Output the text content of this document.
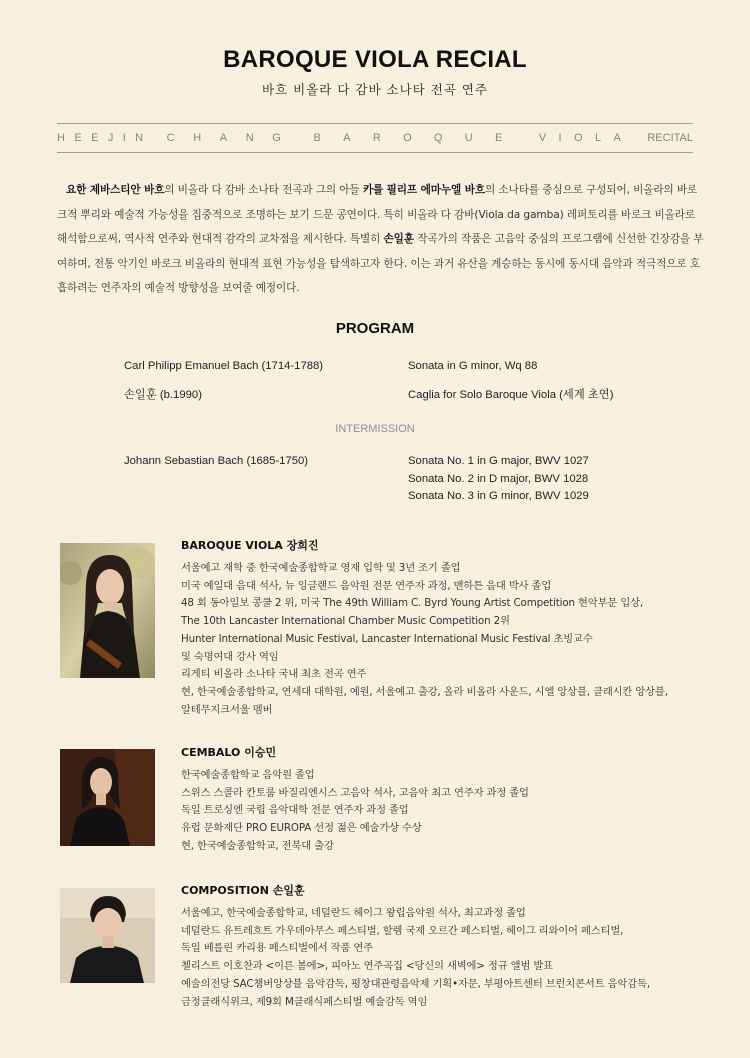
BAROQUE VIOLA RECIAL
바흐 비올라 다 감바 소나타 전곡 연주
HEEJIN CHANG BAROQUE VIOLA RECITAL
요한 제바스티안 바흐의 비올라 다 감바 소나타 전곡과 그의 아들 카를 필리프 에마누엘 바흐의 소나타를 중심으로 구성되어, 비올라의 바로크적 뿌리와 예술적 가능성을 집중적으로 조명하는 보기 드문 공연이다. 특히 비올라 다 감바(Viola da gamba) 레퍼토리를 바로크 비올라로 해석함으로써, 역사적 연주와 현대적 감각의 교차점을 제시한다. 특별히 손일훈 작곡가의 작품은 고음악 중심의 프로그램에 신선한 긴장감을 부여하며, 전통 악기인 바로크 비올라의 현대적 표현 가능성을 탐색하고자 한다. 이는 과거 유산을 계승하는 동시에 동시대 음악과 적극적으로 호흡하려는 연주자의 예술적 방향성을 보여줄 예정이다.
PROGRAM
Carl Philipp Emanuel Bach (1714-1788)	Sonata in G minor, Wq 88
손일훈 (b.1990)	Caglia for Solo Baroque Viola (세계 초연)
INTERMISSION
Johann Sebastian Bach (1685-1750)	Sonata No. 1 in G major, BWV 1027
Sonata No. 2 in D major, BWV 1028
Sonata No. 3 in G minor, BWV 1029
BAROQUE VIOLA 장희진
서울예고 재학 중 한국예술종합학교 영재 입학 및 3년 조기 졸업
미국 예일대 음대 석사, 뉴 잉글랜드 음악원 전문 연주자 과정, 맨하튼 음대 박사 졸업
48 회 동아일보 콩쿨 2 위, 미국 The 49th William C. Byrd Young Artist Competition 현악부문 입상,
The 10th Lancaster International Chamber Music Competition 2위
Hunter International Music Festival, Lancaster International Music Festival 초빙교수
및 숙명여대 강사 역임
리게티 비올라 소나타 국내 최초 전곡 연주
현, 한국예술종합학교, 연세대 대학원, 예원, 서울예고 출강, 올라 비올라 사운드, 시엘 앙상블, 클래시칸 앙상블,
알테무지크서울 멤버
CEMBALO 이승민
한국예술종합학교 음악원 졸업
스위스 스콜라 칸토룸 바질리엔시스 고음악 석사, 고음악 최고 연주자 과정 졸업
독일 트로싱엔 국립 음악대학 전문 연주자 과정 졸업
유럽 문화재단 PRO EUROPA 선정 젊은 예술가상 수상
현, 한국예술종합학교, 전북대 출강
COMPOSITION 손일훈
서울예고, 한국예술종합학교, 네덜란드 헤이그 왕립음악원 석사, 최고과정 졸업
네덜란드 유트레흐트 가우데아무스 페스티벌, 할렘 국제 오르간 페스티벌, 헤이그 리와이어 페스티벌,
독일 베를린 카리용 페스티벌에서 작품 연주
첼리스트 이호찬과 <이른 봄에>, 피아노 연주곡집 <당신의 새벽에> 정규 앨범 발표
예술의전당 SAC챔버앙상블 음악감독, 평창대관령음악제 기획•자문, 부평아트센터 브런치콘서트 음악감독,
금정클래식위크, 제9회 M클래식페스티벌 예술감독 역임
